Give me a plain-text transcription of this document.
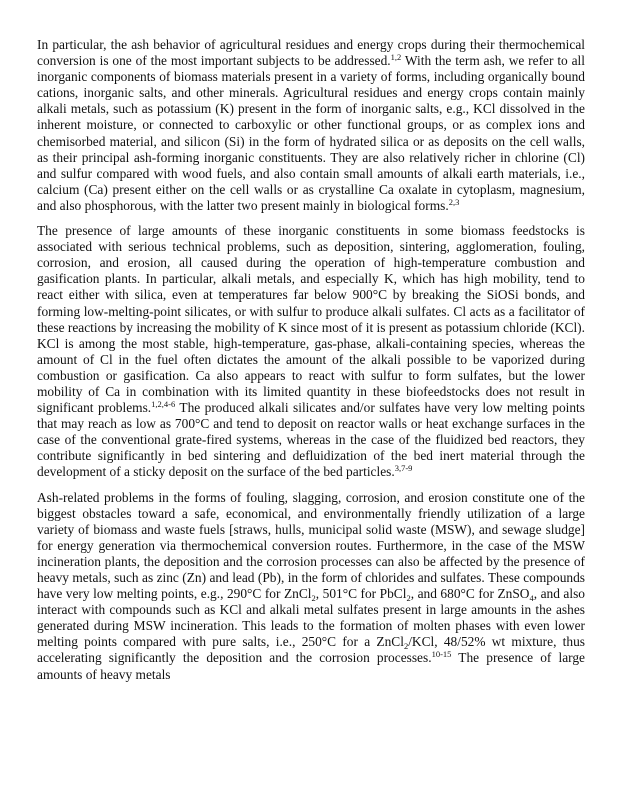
In particular, the ash behavior of agricultural residues and energy crops during their thermochemical conversion is one of the most important subjects to be addressed.$^{1,2}$ With the term ash, we refer to all inorganic components of biomass materials present in a variety of forms, including organically bound cations, inorganic salts, and other minerals. Agricultural residues and energy crops contain mainly alkali metals, such as potassium (K) present in the form of inorganic salts, e.g., KCl dissolved in the inherent moisture, or connected to carboxylic or other functional groups, or as complex ions and chemisorbed material, and silicon (Si) in the form of hydrated silica or as deposits on the cell walls, as their principal ash-forming inorganic constituents. They are also relatively richer in chlorine (Cl) and sulfur compared with wood fuels, and also contain small amounts of alkali earth materials, i.e., calcium (Ca) present either on the cell walls or as crystalline Ca oxalate in cytoplasm, magnesium, and also phosphorous, with the latter two present mainly in biological forms.$^{2,3}$

The presence of large amounts of these inorganic constituents in some biomass feedstocks is associated with serious technical problems, such as deposition, sintering, agglomeration, fouling, corrosion, and erosion, all caused during the operation of high-temperature combustion and gasification plants. In particular, alkali metals, and especially K, which has high mobility, tend to react either with silica, even at temperatures far below 900°C by breaking the SiOSi bonds, and forming low-melting-point silicates, or with sulfur to produce alkali sulfates. Cl acts as a facilitator of these reactions by increasing the mobility of K since most of it is present as potassium chloride (KCl). KCl is among the most stable, high-temperature, gas-phase, alkali-containing species, whereas the amount of Cl in the fuel often dictates the amount of the alkali possible to be vaporized during combustion or gasification. Ca also appears to react with sulfur to form sulfates, but the lower mobility of Ca in combination with its limited quantity in these biofeedstocks does not result in significant problems.$^{1,2,4-6}$ The produced alkali silicates and/or sulfates have very low melting points that may reach as low as 700°C and tend to deposit on reactor walls or heat exchange surfaces in the case of the conventional grate-fired systems, whereas in the case of the fluidized bed reactors, they contribute significantly in bed sintering and defluidization of the bed inert material through the development of a sticky deposit on the surface of the bed particles.$^{3,7-9}$

Ash-related problems in the forms of fouling, slagging, corrosion, and erosion constitute one of the biggest obstacles toward a safe, economical, and environmentally friendly utilization of a large variety of biomass and waste fuels [straws, hulls, municipal solid waste (MSW), and sewage sludge] for energy generation via thermochemical conversion routes. Furthermore, in the case of the MSW incineration plants, the deposition and the corrosion processes can also be affected by the presence of heavy metals, such as zinc (Zn) and lead (Pb), in the form of chlorides and sulfates. These compounds have very low melting points, e.g., 290°C for ZnCl$_2$, 501°C for PbCl$_2$, and 680°C for ZnSO$_4$, and also interact with compounds such as KCl and alkali metal sulfates present in large amounts in the ashes generated during MSW incineration. This leads to the formation of molten phases with even lower melting points compared with pure salts, i.e., 250°C for a ZnCl$_2$/KCl, 48/52% wt mixture, thus accelerating significantly the deposition and the corrosion processes.$^{10-15}$ The presence of large amounts of heavy metals
